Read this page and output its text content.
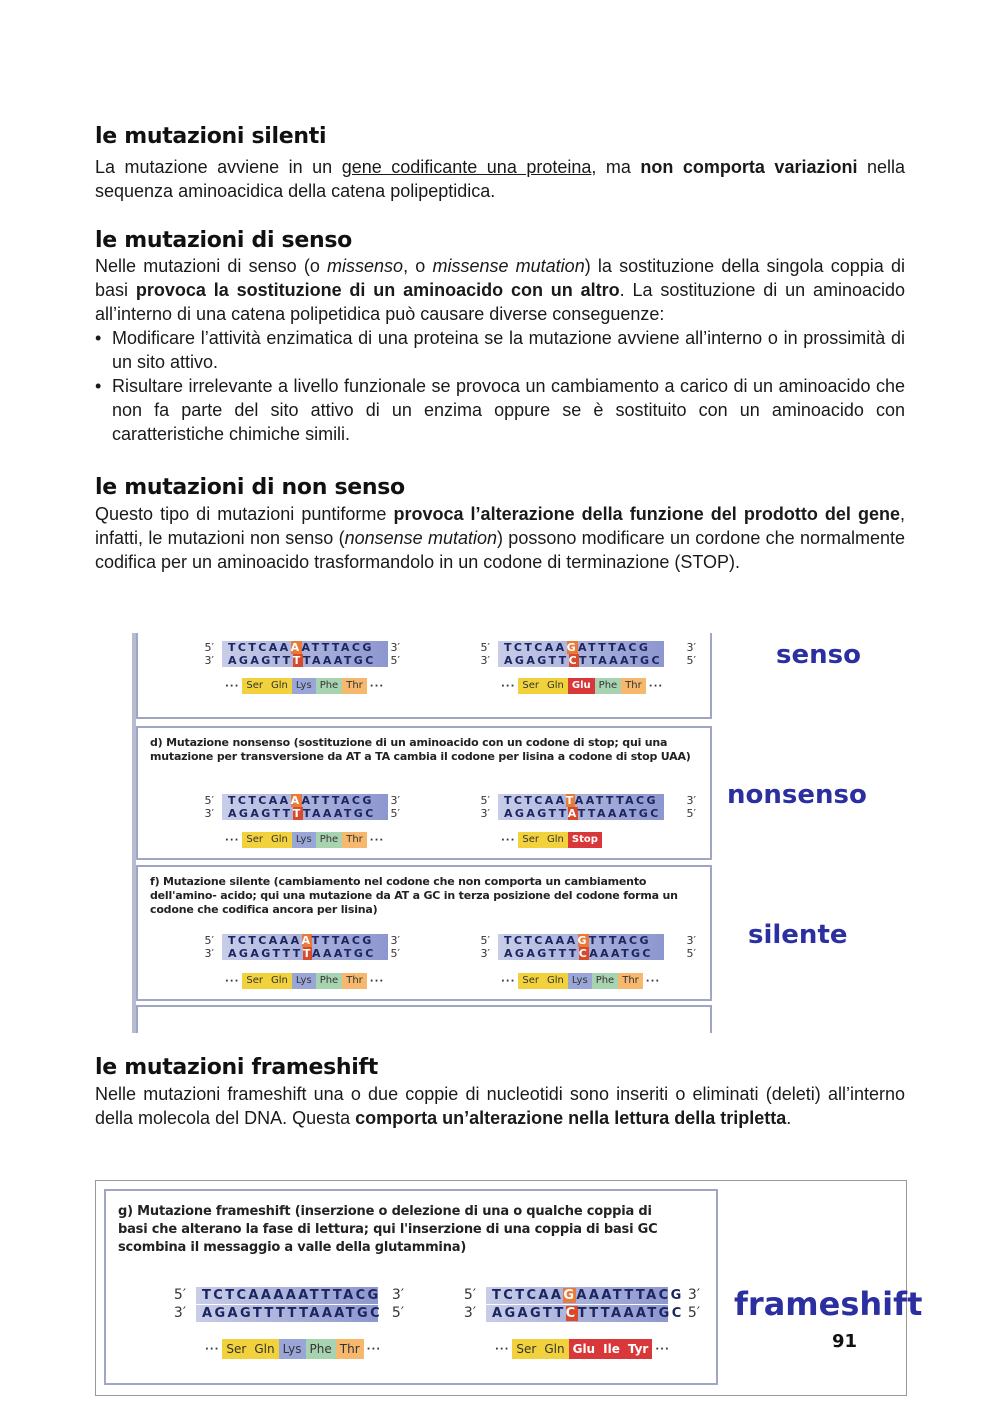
le mutazioni silenti
La mutazione avviene in un gene codificante una proteina, ma non comporta variazioni nella sequenza aminoacidica della catena polipeptidica.
le mutazioni di senso
Nelle mutazioni di senso (o missenso, o missense mutation) la sostituzione della singola coppia di basi provoca la sostituzione di un aminoacido con un altro. La sostituzione di un aminoacido all’interno di una catena polipetidica può causare diverse conseguenze:
• Modificare l’attività enzimatica di una proteina se la mutazione avviene all’interno o in prossimità di un sito attivo.
• Risultare irrelevante a livello funzionale se provoca un cambiamento a carico di un aminoacido che non fa parte del sito attivo di un enzima oppure se è sostituito con un aminoacido con caratteristiche chimiche simili.
le mutazioni di non senso
Questo tipo di mutazioni puntiforme provoca l’alterazione della funzione del prodotto del gene, infatti, le mutazioni non senso (nonsense mutation) possono modificare un cordone che normalmente codifica per un aminoacido trasformandolo in un codone di terminazione (STOP).
5′
3′
TCTCAAAATTTACG
AGAGTTTTAAATGC
3′
5′
··· Ser Gln Lys Phe Thr ···
5′
3′
TCTCAAGATTTACG
AGAGTTCTTAAATGC
3′
5′
··· Ser Gln Glu Phe Thr ···
d) Mutazione nonsenso (sostituzione di un aminoacido con un codone di stop; qui una mutazione per transversione da AT a TA cambia il codone per lisina a codone di stop UAA)
5′
3′
TCTCAAAATTTACG
AGAGTTTTAAATGC
3′
5′
··· Ser Gln Lys Phe Thr ···
5′
3′
TCTCAATAATTTACG
AGAGTTATTAAATGC
3′
5′
··· Ser Gln Stop
f) Mutazione silente (cambiamento nel codone che non comporta un cambiamento dell'amino- acido; qui una mutazione da AT a GC in terza posizione del codone forma un codone che codifica ancora per lisina)
5′
3′
TCTCAAAATTTACG
AGAGTTTTAAATGC
3′
5′
··· Ser Gln Lys Phe Thr ···
5′
3′
TCTCAAAGTTTACG
AGAGTTTCAAATGC
3′
5′
··· Ser Gln Lys Phe Thr ···
senso
nonsenso
silente
le mutazioni frameshift
Nelle mutazioni frameshift una o due coppie di nucleotidi sono inseriti o eliminati (deleti) all’interno della molecola del DNA. Questa comporta un’alterazione nella lettura della tripletta.
g) Mutazione frameshift (inserzione o delezione di una o qualche coppia di basi che alterano la fase di lettura; qui l'inserzione di una coppia di basi GC scombina il messaggio a valle della glutammina)
5′
3′
TCTCAAAAATTTACG
AGAGTTTTTAAATGC
3′
5′
··· Ser Gln Lys Phe Thr ···
5′
3′
TCTCAAGAAATTTACG
AGAGTTCTTTAAATGC
3′
5′
··· Ser Gln Glu Ile Tyr ···
frameshift
91
